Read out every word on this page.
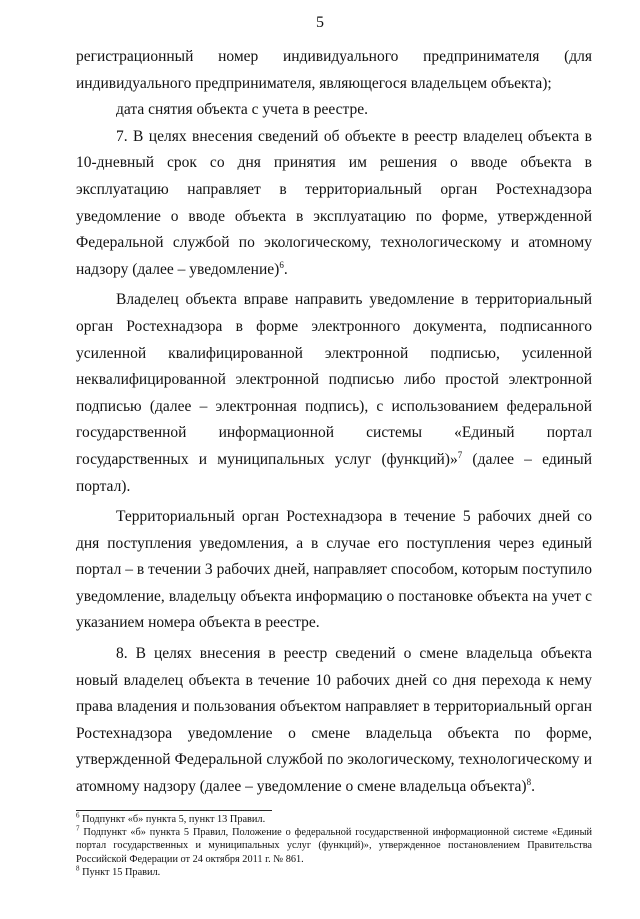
5

регистрационный номер индивидуального предпринимателя (для индивидуального предпринимателя, являющегося владельцем объекта);

дата снятия объекта с учета в реестре.

7. В целях внесения сведений об объекте в реестр владелец объекта в 10-дневный срок со дня принятия им решения о вводе объекта в эксплуатацию направляет в территориальный орган Ростехнадзора уведомление о вводе объекта в эксплуатацию по форме, утвержденной Федеральной службой по экологическому, технологическому и атомному надзору (далее – уведомление)$^6$.

Владелец объекта вправе направить уведомление в территориальный орган Ростехнадзора в форме электронного документа, подписанного усиленной квалифицированной электронной подписью, усиленной неквалифицированной электронной подписью либо простой электронной подписью (далее – электронная подпись), с использованием федеральной государственной информационной системы «Единый портал государственных и муниципальных услуг (функций)»$^7$ (далее – единый портал).

Территориальный орган Ростехнадзора в течение 5 рабочих дней со дня поступления уведомления, а в случае его поступления через единый портал – в течении 3 рабочих дней, направляет способом, которым поступило уведомление, владельцу объекта информацию о постановке объекта на учет с указанием номера объекта в реестре.

8. В целях внесения в реестр сведений о смене владельца объекта новый владелец объекта в течение 10 рабочих дней со дня перехода к нему права владения и пользования объектом направляет в территориальный орган Ростехнадзора уведомление о смене владельца объекта по форме, утвержденной Федеральной службой по экологическому, технологическому и атомному надзору (далее – уведомление о смене владельца объекта)$^8$.

$^6$ Подпункт «б» пункта 5, пункт 13 Правил.

$^7$ Подпункт «б» пункта 5 Правил, Положение о федеральной государственной информационной системе «Единый портал государственных и муниципальных услуг (функций)», утвержденное постановлением Правительства Российской Федерации от 24 октября 2011 г. № 861.

$^8$ Пункт 15 Правил.
